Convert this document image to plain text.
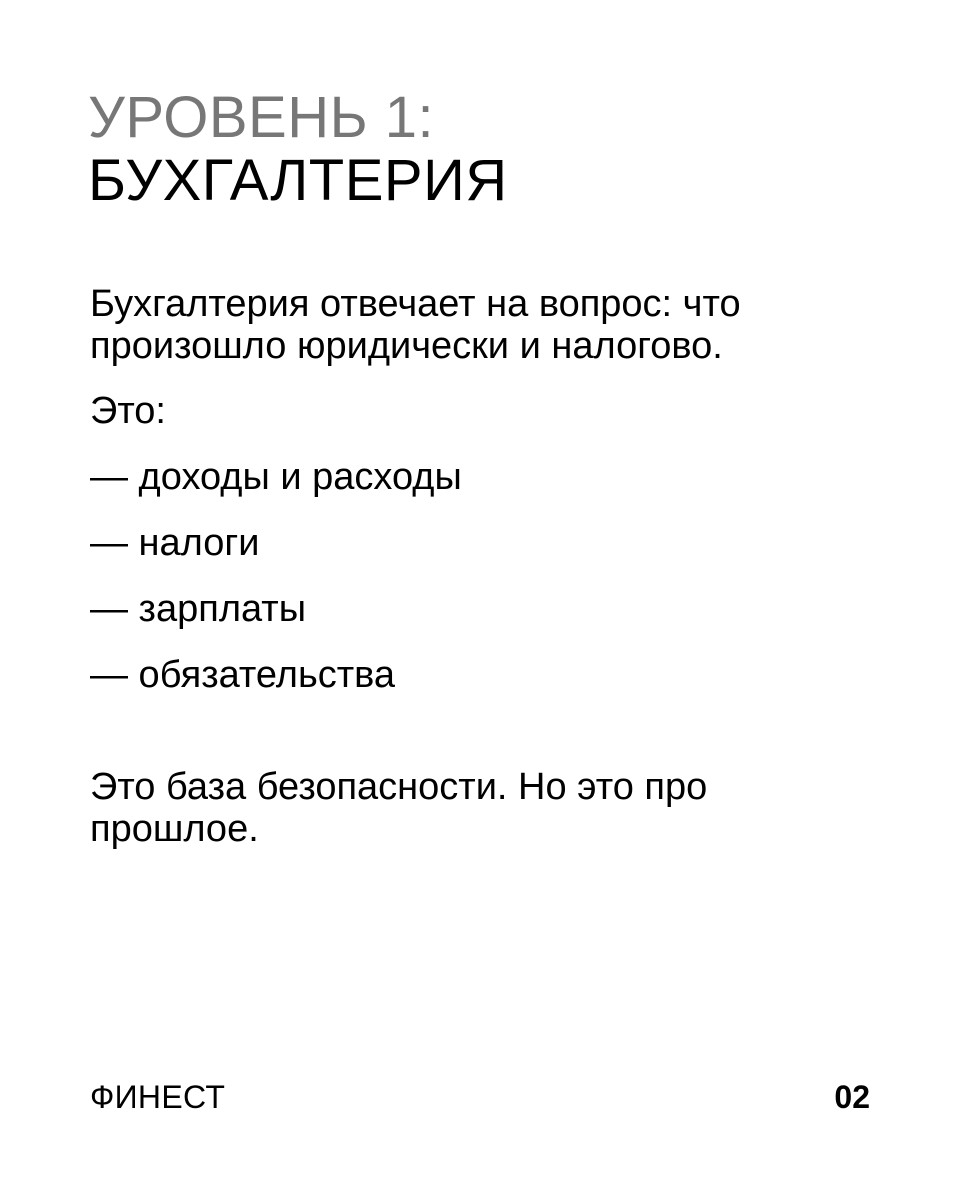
УРОВЕНЬ 1:
БУХГАЛТЕРИЯ
Бухгалтерия отвечает на вопрос: что произошло юридически и налогово.
Это:
— доходы и расходы
— налоги
— зарплаты
— обязательства
Это база безопасности. Но это про прошлое.
ФИНЕСТ	02
